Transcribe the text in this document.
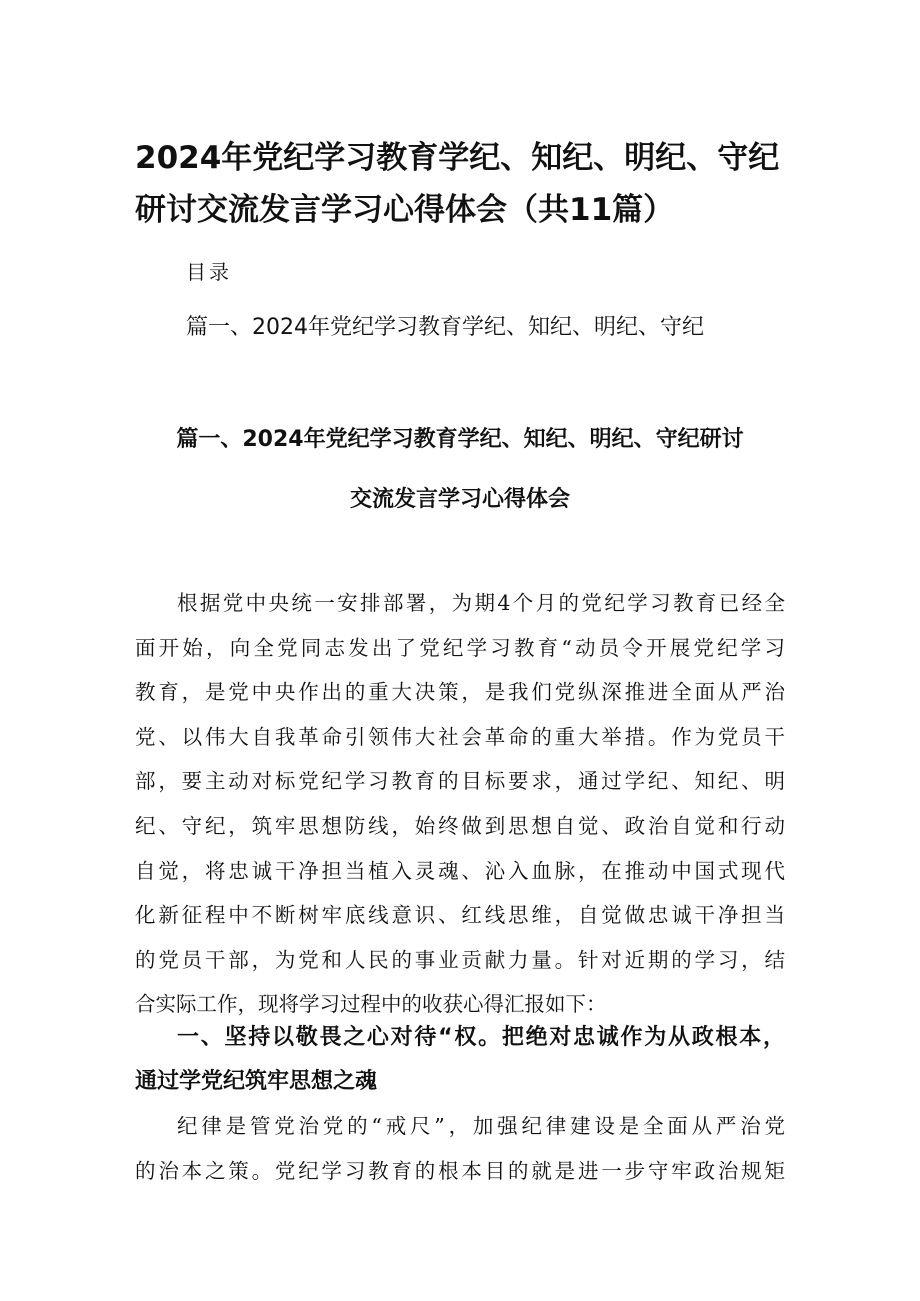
2024年党纪学习教育学纪、知纪、明纪、守纪
研讨交流发言学习心得体会（共11篇）
目录
篇一、2024年党纪学习教育学纪、知纪、明纪、守纪
篇一、2024年党纪学习教育学纪、知纪、明纪、守纪研讨
交流发言学习心得体会

根据党中央统一安排部署，为期4个月的党纪学习教育已经全
面开始，向全党同志发出了党纪学习教育“动员令开展党纪学习
教育，是党中央作出的重大决策，是我们党纵深推进全面从严治
党、以伟大自我革命引领伟大社会革命的重大举措。作为党员干
部，要主动对标党纪学习教育的目标要求，通过学纪、知纪、明
纪、守纪，筑牢思想防线，始终做到思想自觉、政治自觉和行动
自觉，将忠诚干净担当植入灵魂、沁入血脉，在推动中国式现代
化新征程中不断树牢底线意识、红线思维，自觉做忠诚干净担当
的党员干部，为党和人民的事业贡献力量。针对近期的学习，结
合实际工作，现将学习过程中的收获心得汇报如下：

一、坚持以敬畏之心对待“权。把绝对忠诚作为从政根本，
通过学党纪筑牢思想之魂

纪律是管党治党的“戒尺”，加强纪律建设是全面从严治党
的治本之策。党纪学习教育的根本目的就是进一步守牢政治规矩
